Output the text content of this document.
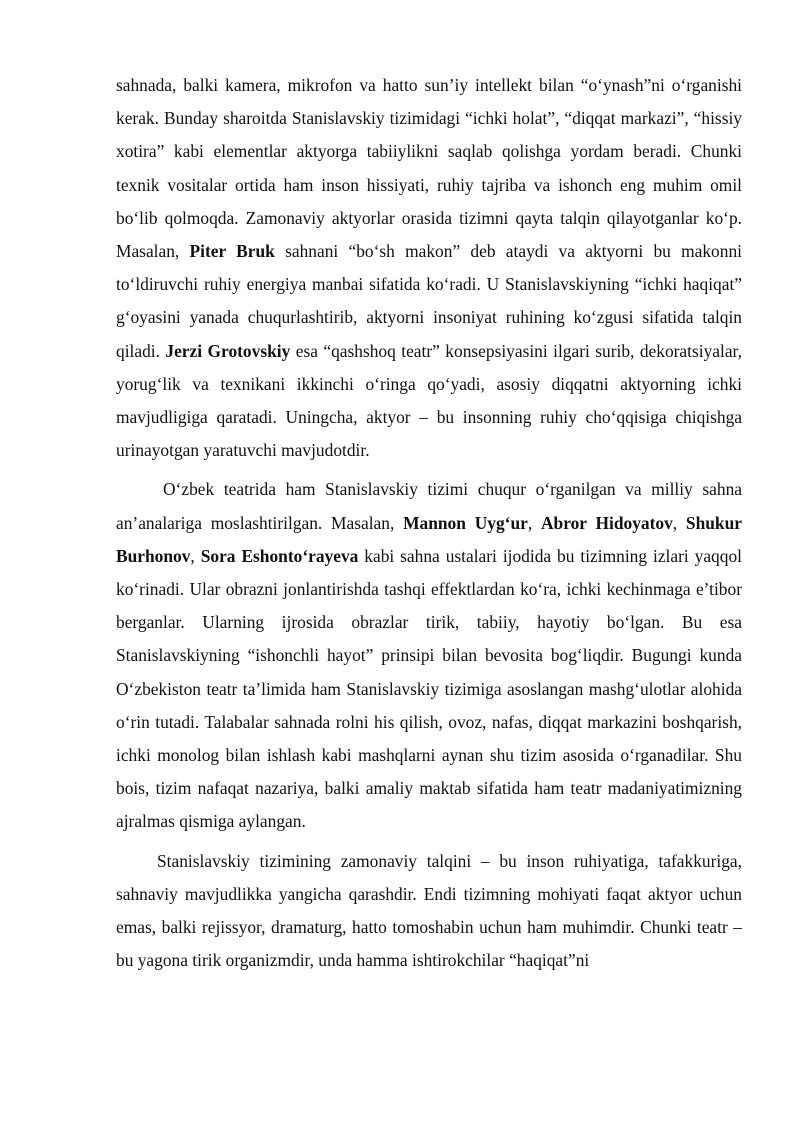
sahnada, balki kamera, mikrofon va hatto sun’iy intellekt bilan “o‘ynash”ni o‘rganishi kerak. Bunday sharoitda Stanislavskiy tizimidagi “ichki holat”, “diqqat markazi”, “hissiy xotira” kabi elementlar aktyorga tabiiylikni saqlab qolishga yordam beradi. Chunki texnik vositalar ortida ham inson hissiyati, ruhiy tajriba va ishonch eng muhim omil bo‘lib qolmoqda. Zamonaviy aktyorlar orasida tizimni qayta talqin qilayotganlar ko‘p. Masalan, Piter Bruk sahnani “bo‘sh makon” deb ataydi va aktyorni bu makonni to‘ldiruvchi ruhiy energiya manbai sifatida ko‘radi. U Stanislavskiyning “ichki haqiqat” g‘oyasini yanada chuqurlashtirib, aktyorni insoniyat ruhining ko‘zgusi sifatida talqin qiladi. Jerzi Grotovskiy esa “qashshoq teatr” konsepsiyasini ilgari surib, dekoratsiyalar, yorug‘lik va texnikani ikkinchi o‘ringa qo‘yadi, asosiy diqqatni aktyorning ichki mavjudligiga qaratadi. Uningcha, aktyor – bu insonning ruhiy cho‘qqisiga chiqishga urinayotgan yaratuvchi mavjudotdir.

O‘zbek teatrida ham Stanislavskiy tizimi chuqur o‘rganilgan va milliy sahna an’analariga moslashtirilgan. Masalan, Mannon Uyg‘ur, Abror Hidoyatov, Shukur Burhonov, Sora Eshonto‘rayeva kabi sahna ustalari ijodida bu tizimning izlari yaqqol ko‘rinadi. Ular obrazni jonlantirishda tashqi effektlardan ko‘ra, ichki kechinmaga e’tibor berganlar. Ularning ijrosida obrazlar tirik, tabiiy, hayotiy bo‘lgan. Bu esa Stanislavskiyning “ishonchli hayot” prinsipi bilan bevosita bog‘liqdir. Bugungi kunda O‘zbekiston teatr ta’limida ham Stanislavskiy tizimiga asoslangan mashg‘ulotlar alohida o‘rin tutadi. Talabalar sahnada rolni his qilish, ovoz, nafas, diqqat markazini boshqarish, ichki monolog bilan ishlash kabi mashqlarni aynan shu tizim asosida o‘rganadilar. Shu bois, tizim nafaqat nazariya, balki amaliy maktab sifatida ham teatr madaniyatimizning ajralmas qismiga aylangan.

Stanislavskiy tizimining zamonaviy talqini – bu inson ruhiyatiga, tafakkuriga, sahnaviy mavjudlikka yangicha qarashdir. Endi tizimning mohiyati faqat aktyor uchun emas, balki rejissyor, dramaturg, hatto tomoshabin uchun ham muhimdir. Chunki teatr – bu yagona tirik organizmdir, unda hamma ishtirokchilar “haqiqat”ni
